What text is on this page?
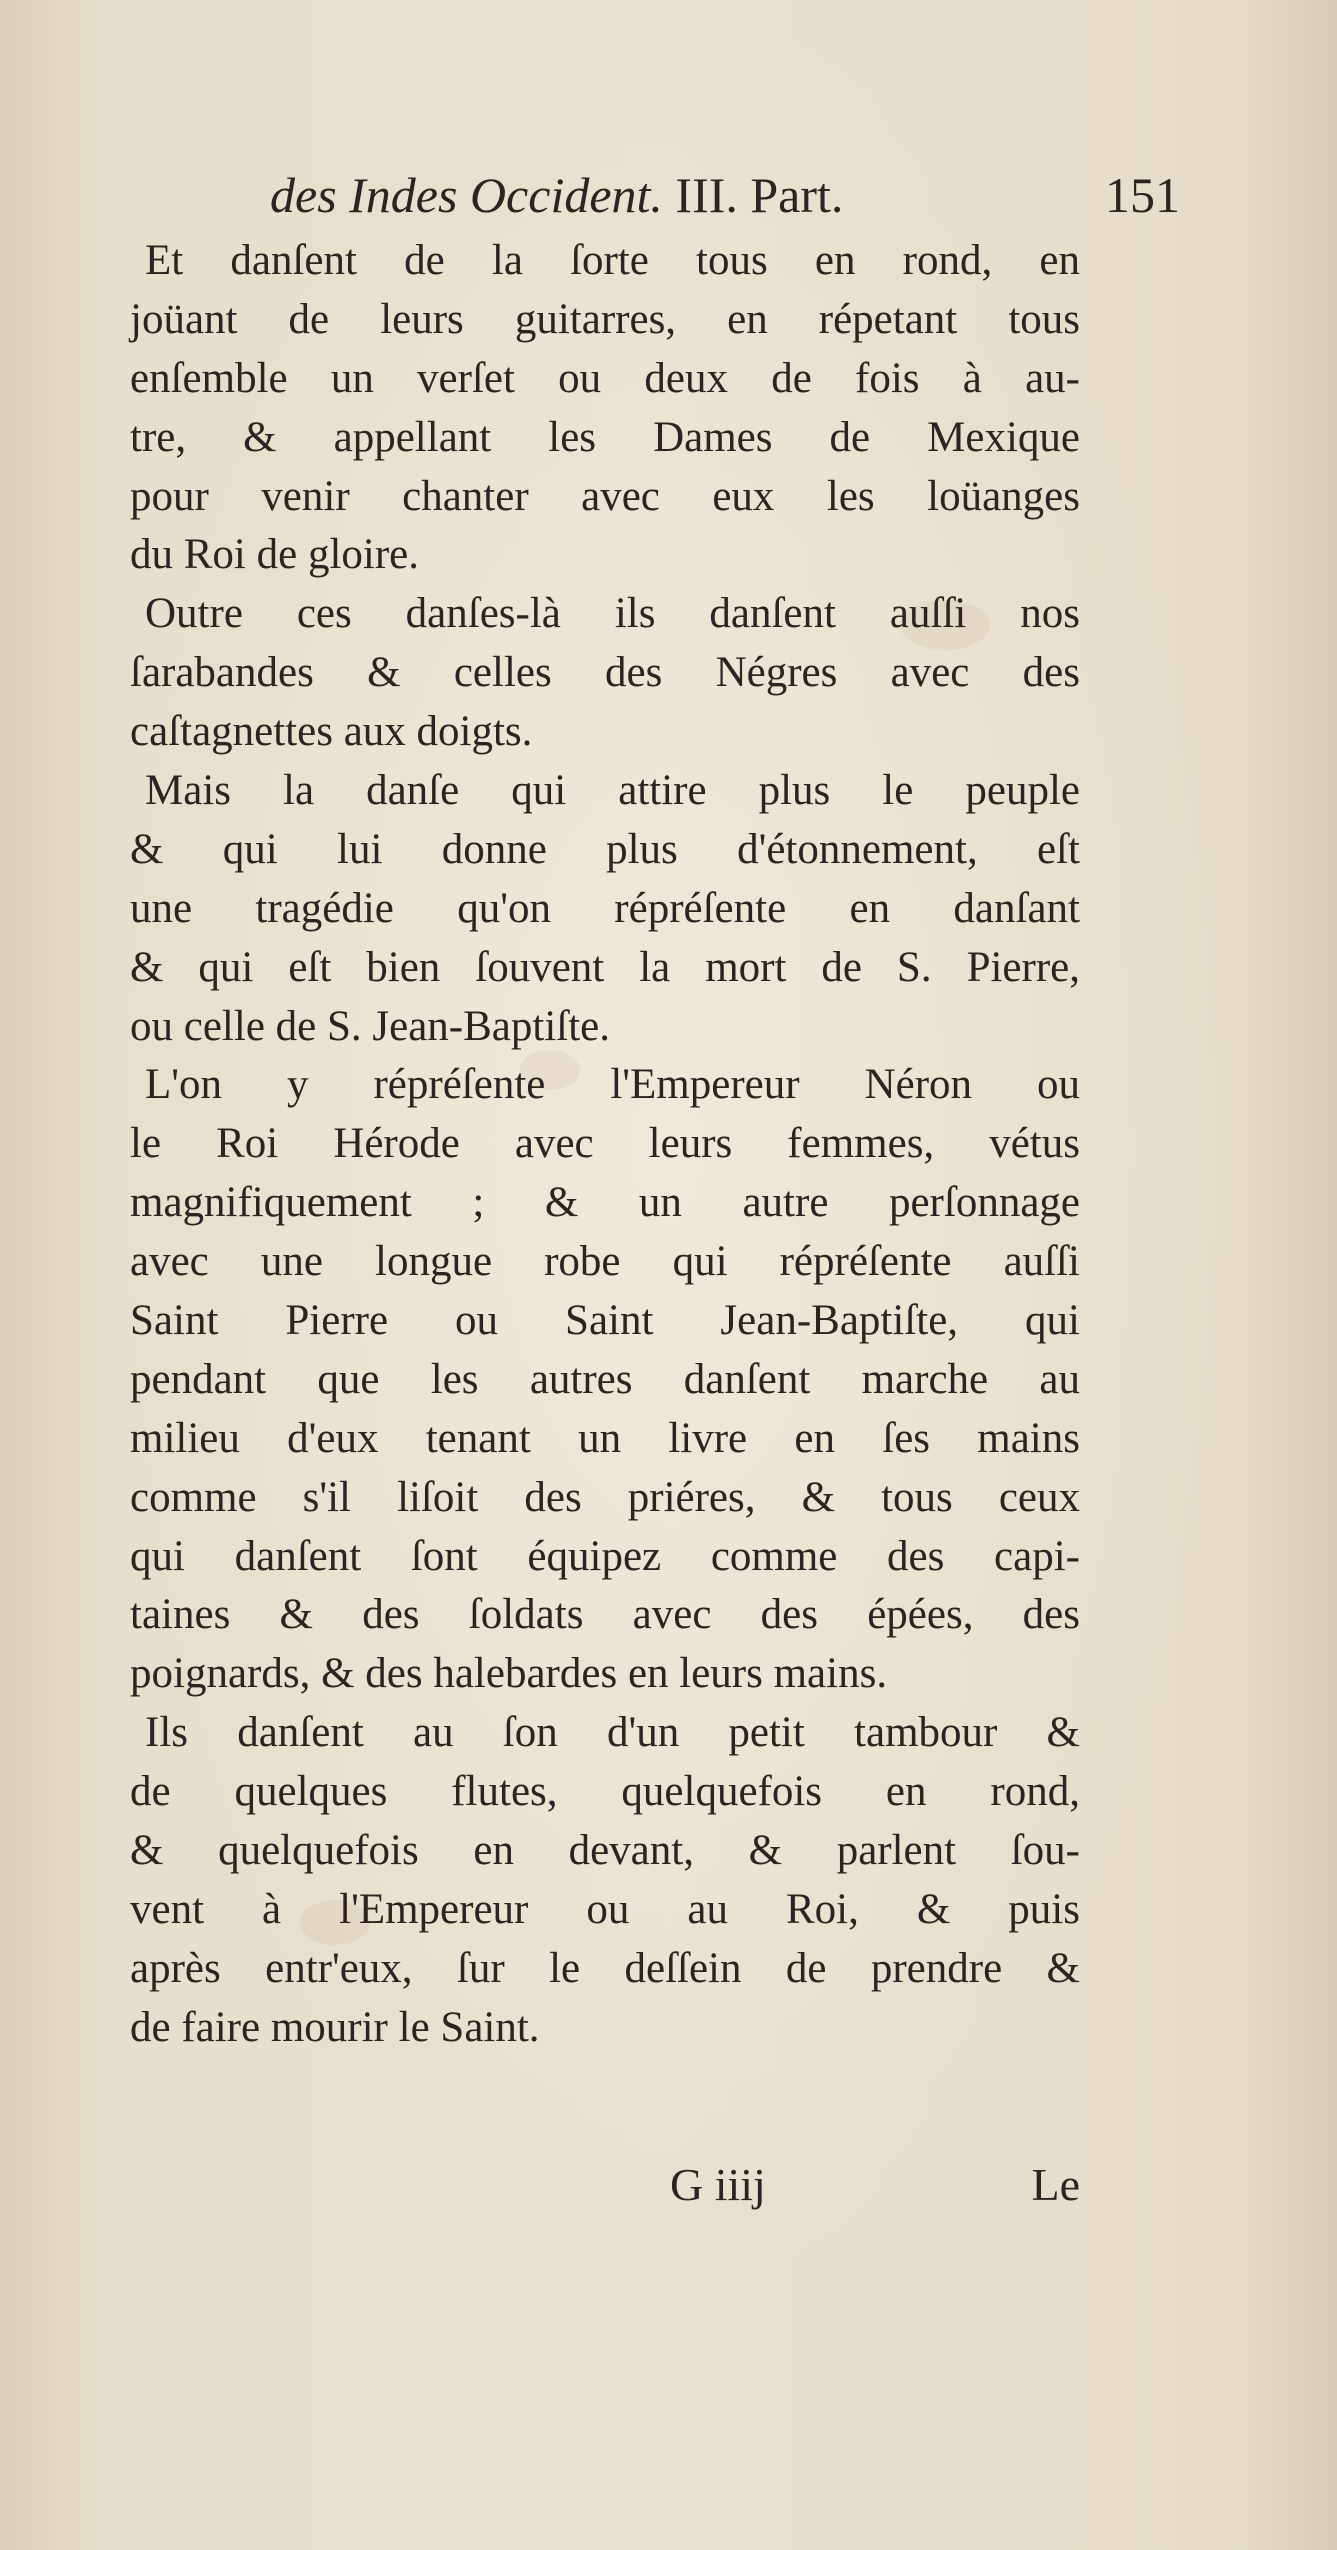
des Indes Occident. III. Part.	151
Et danſent de la ſorte tous en rond, en
joüant de leurs guitarres, en répetant tous
enſemble un verſet ou deux de fois à au-
tre, & appellant les Dames de Mexique
pour venir chanter avec eux les loüanges
du Roi de gloire.
Outre ces danſes-là ils danſent auſſi nos
ſarabandes & celles des Négres avec des
caſtagnettes aux doigts.
Mais la danſe qui attire plus le peuple
& qui lui donne plus d'étonnement, eſt
une tragédie qu'on répréſente en danſant
& qui eſt bien ſouvent la mort de S. Pierre,
ou celle de S. Jean-Baptiſte.
L'on y répréſente l'Empereur Néron ou
le Roi Hérode avec leurs femmes, vétus
magnifiquement ; & un autre perſonnage
avec une longue robe qui répréſente auſſi
Saint Pierre ou Saint Jean-Baptiſte, qui
pendant que les autres danſent marche au
milieu d'eux tenant un livre en ſes mains
comme s'il liſoit des priéres, & tous ceux
qui danſent ſont équipez comme des capi-
taines & des ſoldats avec des épées, des
poignards, & des halebardes en leurs mains.
Ils danſent au ſon d'un petit tambour &
de quelques flutes, quelquefois en rond,
& quelquefois en devant, & parlent ſou-
vent à l'Empereur ou au Roi, & puis
après entr'eux, ſur le deſſein de prendre &
de faire mourir le Saint.
G iiij	Le
